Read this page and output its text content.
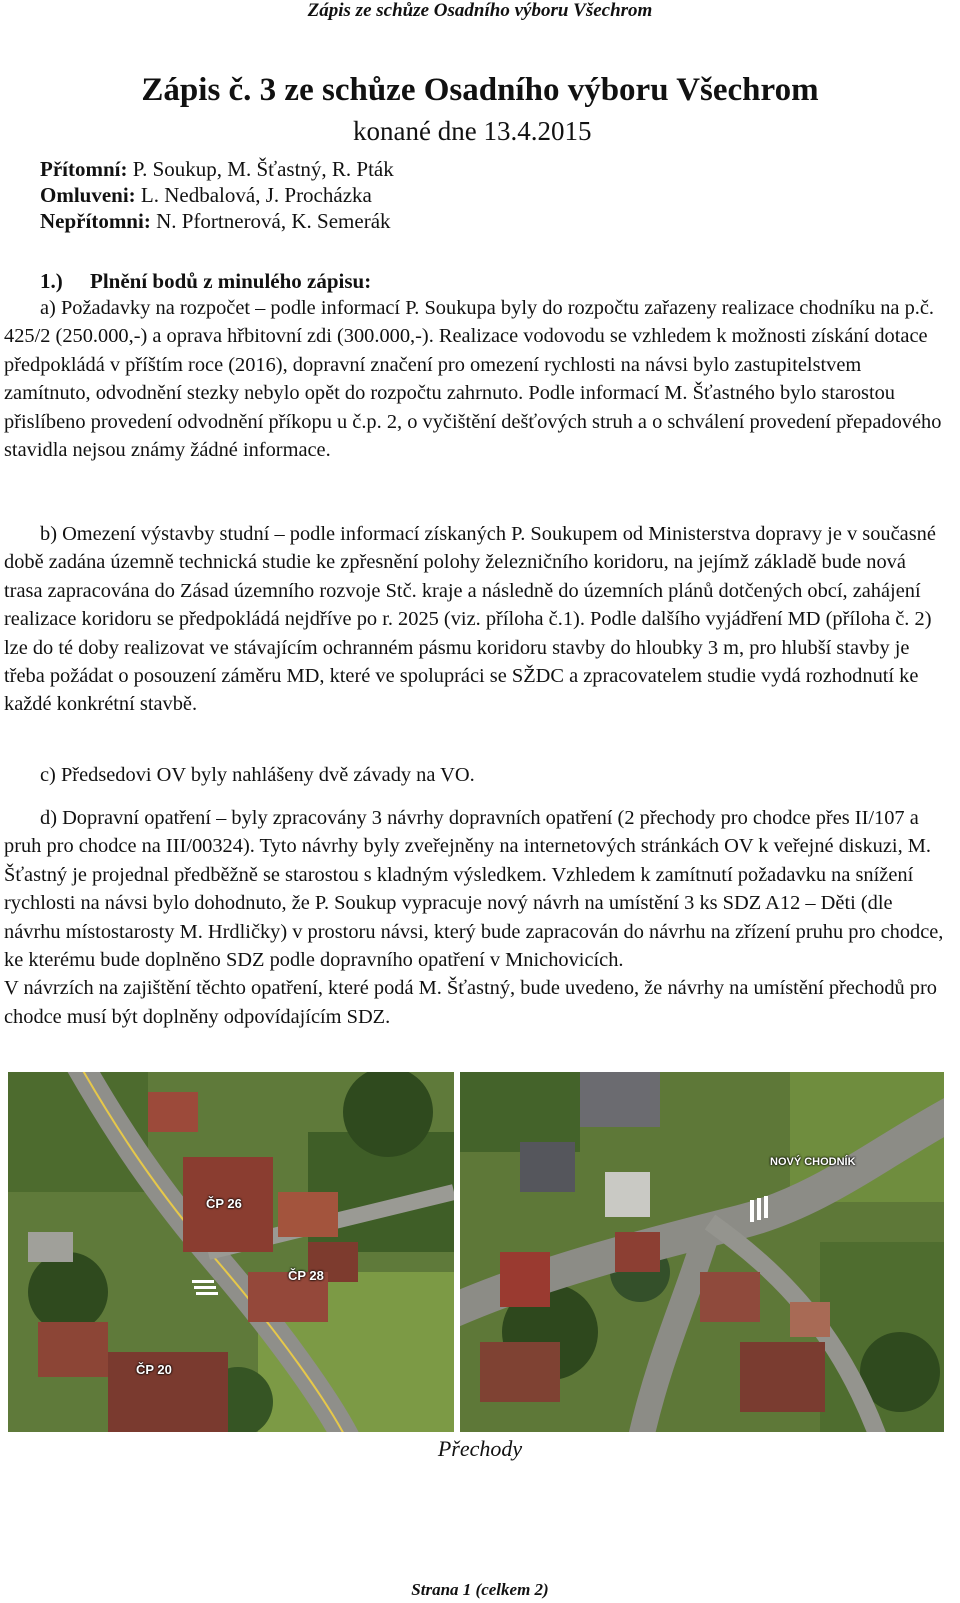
Zápis ze schůze Osadního výboru Všechrom
Zápis č. 3 ze schůze Osadního výboru Všechrom
konané dne 13.4.2015
Přítomní: P. Soukup, M. Šťastný, R. Pták
Omluveni: L. Nedbalová, J. Procházka
Nepřítomni: N. Pfortnerová, K. Semerák
1.) Plnění bodů z minulého zápisu:

a) Požadavky na rozpočet – podle informací P. Soukupa byly do rozpočtu zařazeny realizace chodníku na p.č. 425/2 (250.000,-) a oprava hřbitovní zdi (300.000,-). Realizace vodovodu se vzhledem k možnosti získání dotace předpokládá v příštím roce (2016), dopravní značení pro omezení rychlosti na návsi bylo zastupitelstvem zamítnuto, odvodnění stezky nebylo opět do rozpočtu zahrnuto. Podle informací M. Šťastného bylo starostou přislíbeno provedení odvodnění příkopu u č.p. 2, o vyčištění dešťových struh a o schválení provedení přepadového stavidla nejsou známy žádné informace.

b) Omezení výstavby studní – podle informací získaných P. Soukupem od Ministerstva dopravy je v současné době zadána územně technická studie ke zpřesnění polohy železničního koridoru, na jejímž základě bude nová trasa zapracována do Zásad územního rozvoje Stč. kraje a následně do územních plánů dotčených obcí, zahájení realizace koridoru se předpokládá nejdříve po r. 2025 (viz. příloha č.1). Podle dalšího vyjádření MD (příloha č. 2) lze do té doby realizovat ve stávajícím ochranném pásmu koridoru stavby do hloubky 3 m, pro hlubší stavby je třeba požádat o posouzení záměru MD, které ve spolupráci se SŽDC a zpracovatelem studie vydá rozhodnutí ke každé konkrétní stavbě.

c) Předsedovi OV byly nahlášeny dvě závady na VO.

d) Dopravní opatření – byly zpracovány 3 návrhy dopravních opatření (2 přechody pro chodce přes II/107 a pruh pro chodce na III/00324). Tyto návrhy byly zveřejněny na internetových stránkách OV k veřejné diskuzi, M. Šťastný je projednal předběžně se starostou s kladným výsledkem. Vzhledem k zamítnutí požadavku na snížení rychlosti na návsi bylo dohodnuto, že P. Soukup vypracuje nový návrh na umístění 3 ks SDZ A12 – Děti (dle návrhu místostarosty M. Hrdličky) v prostoru návsi, který bude zapracován do návrhu na zřízení pruhu pro chodce, ke kterému bude doplněno SDZ podle dopravního opatření v Mnichovicích.
V návrzích na zajištění těchto opatření, které podá M. Šťastný, bude uvedeno, že návrhy na umístění přechodů pro chodce musí být doplněny odpovídajícím SDZ.

ČP 26
ČP 28
ČP 20
NOVÝ CHODNÍK
Přechody
Strana 1 (celkem 2)
